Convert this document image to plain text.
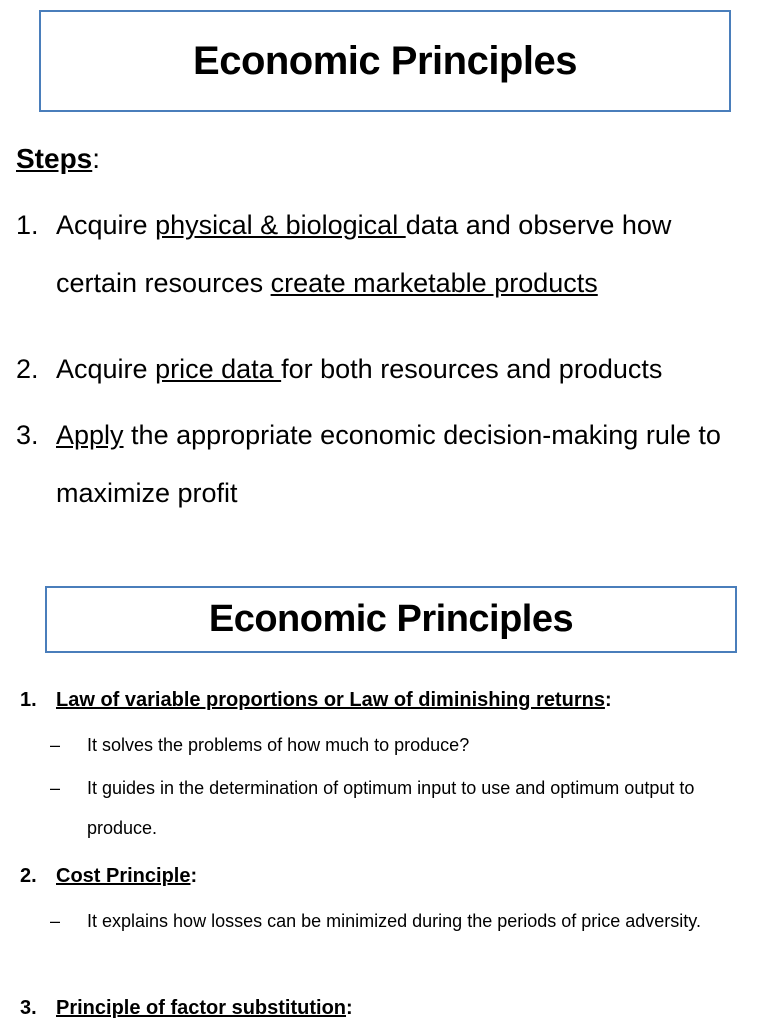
Economic Principles
Steps:
1. Acquire physical & biological data and observe how certain resources create marketable products
2. Acquire price data for both resources and products
3. Apply the appropriate economic decision-making rule to maximize profit
Economic Principles
1. Law of variable proportions or Law of diminishing returns:
– It solves the problems of how much to produce?
– It guides in the determination of optimum input to use and optimum output to produce.
2. Cost Principle:
– It explains how losses can be minimized during the periods of price adversity.
3. Principle of factor substitution:
